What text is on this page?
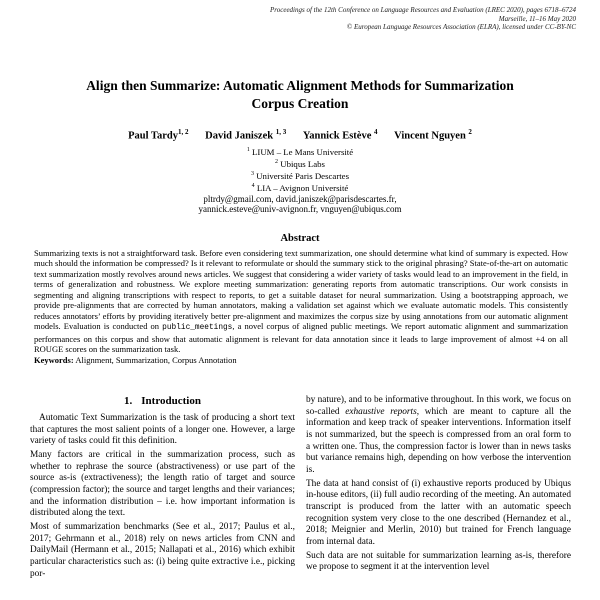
Proceedings of the 12th Conference on Language Resources and Evaluation (LREC 2020), pages 6718–6724
Marseille, 11–16 May 2020
© European Language Resources Association (ELRA), licensed under CC-BY-NC
Align then Summarize: Automatic Alignment Methods for Summarization
Corpus Creation
Paul Tardy$^{1, 2}$ David Janiszek $^{1, 3}$ Yannick Estève $^4$ Vincent Nguyen $^2$
$^1$ LIUM – Le Mans Université
$^2$ Ubiqus Labs
$^3$ Université Paris Descartes
$^4$ LIA – Avignon Université
pltrdy@gmail.com, david.janiszek@parisdescartes.fr,
yannick.esteve@univ-avignon.fr, vnguyen@ubiqus.com
Abstract
Summarizing texts is not a straightforward task. Before even considering text summarization, one should determine what kind of summary is expected. How much should the information be compressed? Is it relevant to reformulate or should the summary stick to the original phrasing? State-of-the-art on automatic text summarization mostly revolves around news articles. We suggest that considering a wider variety of tasks would lead to an improvement in the field, in terms of generalization and robustness. We explore meeting summarization: generating reports from automatic transcriptions. Our work consists in segmenting and aligning transcriptions with respect to reports, to get a suitable dataset for neural summarization. Using a bootstrapping approach, we provide pre-alignments that are corrected by human annotators, making a validation set against which we evaluate automatic models. This consistently reduces annotators’ efforts by providing iteratively better pre-alignment and maximizes the corpus size by using annotations from our automatic alignment models. Evaluation is conducted on public_meetings, a novel corpus of aligned public meetings. We report automatic alignment and summarization performances on this corpus and show that automatic alignment is relevant for data annotation since it leads to large improvement of almost +4 on all ROUGE scores on the summarization task.
Keywords: Alignment, Summarization, Corpus Annotation
1. Introduction

Automatic Text Summarization is the task of producing a short text that captures the most salient points of a longer one. However, a large variety of tasks could fit this definition.

Many factors are critical in the summarization process, such as whether to rephrase the source (abstractiveness) or use part of the source as-is (extractiveness); the length ratio of target and source (compression factor); the source and target lengths and their variances; and the information distribution – i.e. how important information is distributed along the text.

Most of summarization benchmarks (See et al., 2017; Paulus et al., 2017; Gehrmann et al., 2018) rely on news articles from CNN and DailyMail (Hermann et al., 2015; Nallapati et al., 2016) which exhibit particular characteristics such as: (i) being quite extractive i.e., picking por-

by nature), and to be informative throughout. In this work, we focus on so-called exhaustive reports, which are meant to capture all the information and keep track of speaker interventions. Information itself is not summarized, but the speech is compressed from an oral form to a written one. Thus, the compression factor is lower than in news tasks but variance remains high, depending on how verbose the intervention is.

The data at hand consist of (i) exhaustive reports produced by Ubiqus in-house editors, (ii) full audio recording of the meeting. An automated transcript is produced from the latter with an automatic speech recognition system very close to the one described (Hernandez et al., 2018; Meignier and Merlin, 2010) but trained for French language from internal data.

Such data are not suitable for summarization learning as-is, therefore we propose to segment it at the intervention level
